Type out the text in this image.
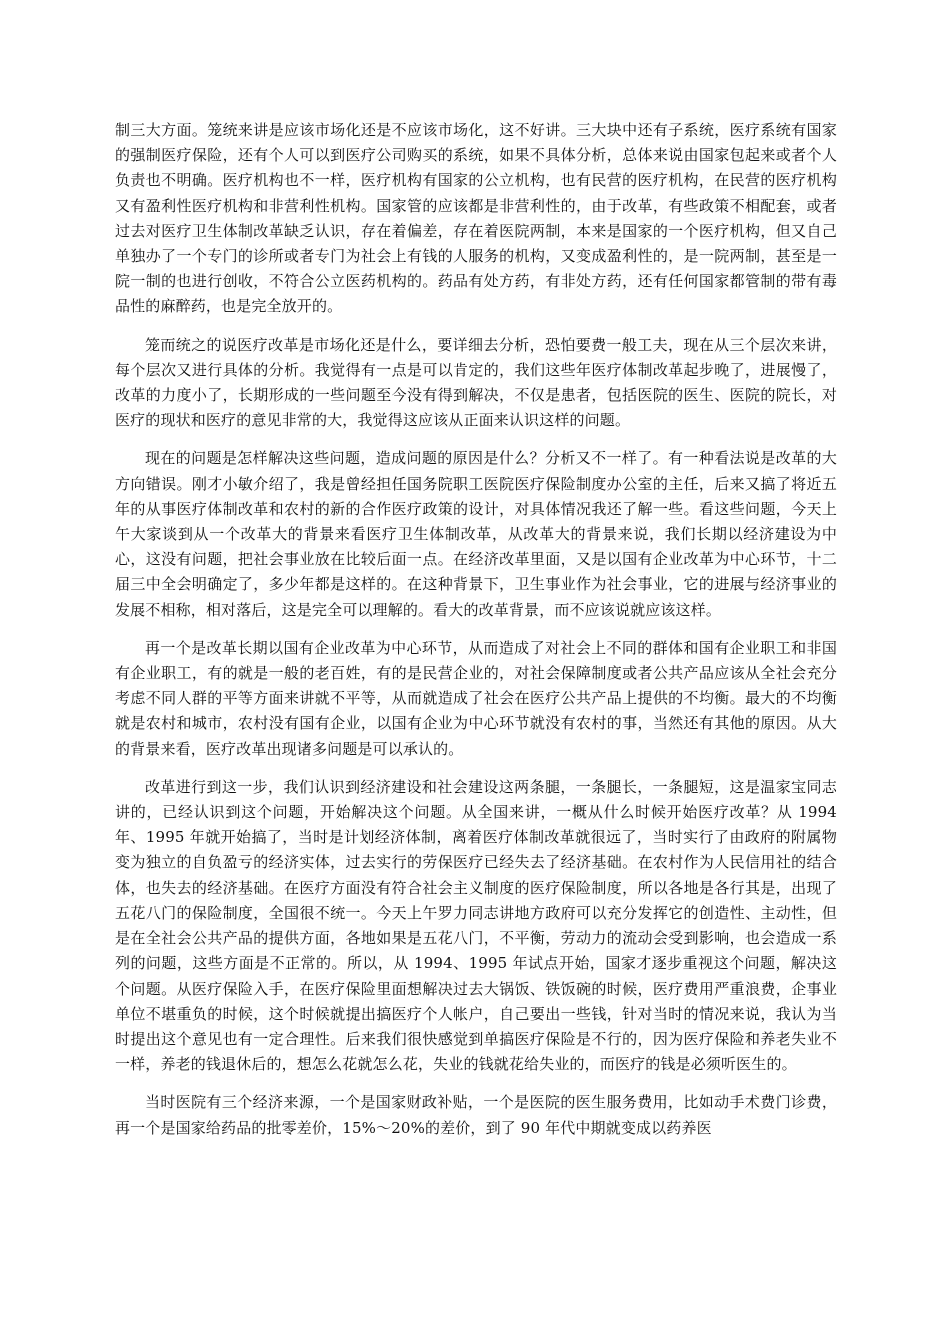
制三大方面。笼统来讲是应该市场化还是不应该市场化，这不好讲。三大块中还有子系统，医疗系统有国家的强制医疗保险，还有个人可以到医疗公司购买的系统，如果不具体分析，总体来说由国家包起来或者个人负责也不明确。医疗机构也不一样，医疗机构有国家的公立机构，也有民营的医疗机构，在民营的医疗机构又有盈利性医疗机构和非营利性机构。国家管的应该都是非营利性的，由于改革，有些政策不相配套，或者过去对医疗卫生体制改革缺乏认识，存在着偏差，存在着医院两制，本来是国家的一个医疗机构，但又自己单独办了一个专门的诊所或者专门为社会上有钱的人服务的机构，又变成盈利性的，是一院两制，甚至是一院一制的也进行创收，不符合公立医药机构的。药品有处方药，有非处方药，还有任何国家都管制的带有毒品性的麻醉药，也是完全放开的。

笼而统之的说医疗改革是市场化还是什么，要详细去分析，恐怕要费一般工夫，现在从三个层次来讲，每个层次又进行具体的分析。我觉得有一点是可以肯定的，我们这些年医疗体制改革起步晚了，进展慢了，改革的力度小了，长期形成的一些问题至今没有得到解决，不仅是患者，包括医院的医生、医院的院长，对医疗的现状和医疗的意见非常的大，我觉得这应该从正面来认识这样的问题。

现在的问题是怎样解决这些问题，造成问题的原因是什么？分析又不一样了。有一种看法说是改革的大方向错误。刚才小敏介绍了，我是曾经担任国务院职工医院医疗保险制度办公室的主任，后来又搞了将近五年的从事医疗体制改革和农村的新的合作医疗政策的设计，对具体情况我还了解一些。看这些问题，今天上午大家谈到从一个改革大的背景来看医疗卫生体制改革，从改革大的背景来说，我们长期以经济建设为中心，这没有问题，把社会事业放在比较后面一点。在经济改革里面，又是以国有企业改革为中心环节，十二届三中全会明确定了，多少年都是这样的。在这种背景下，卫生事业作为社会事业，它的进展与经济事业的发展不相称，相对落后，这是完全可以理解的。看大的改革背景，而不应该说就应该这样。

再一个是改革长期以国有企业改革为中心环节，从而造成了对社会上不同的群体和国有企业职工和非国有企业职工，有的就是一般的老百姓，有的是民营企业的，对社会保障制度或者公共产品应该从全社会充分考虑不同人群的平等方面来讲就不平等，从而就造成了社会在医疗公共产品上提供的不均衡。最大的不均衡就是农村和城市，农村没有国有企业，以国有企业为中心环节就没有农村的事，当然还有其他的原因。从大的背景来看，医疗改革出现诸多问题是可以承认的。

改革进行到这一步，我们认识到经济建设和社会建设这两条腿，一条腿长，一条腿短，这是温家宝同志讲的，已经认识到这个问题，开始解决这个问题。从全国来讲，一概从什么时候开始医疗改革？从 1994 年、1995 年就开始搞了，当时是计划经济体制，离着医疗体制改革就很远了，当时实行了由政府的附属物变为独立的自负盈亏的经济实体，过去实行的劳保医疗已经失去了经济基础。在农村作为人民信用社的结合体，也失去的经济基础。在医疗方面没有符合社会主义制度的医疗保险制度，所以各地是各行其是，出现了五花八门的保险制度，全国很不统一。今天上午罗力同志讲地方政府可以充分发挥它的创造性、主动性，但是在全社会公共产品的提供方面，各地如果是五花八门，不平衡，劳动力的流动会受到影响，也会造成一系列的问题，这些方面是不正常的。所以，从 1994、1995 年试点开始，国家才逐步重视这个问题，解决这个问题。从医疗保险入手，在医疗保险里面想解决过去大锅饭、铁饭碗的时候，医疗费用严重浪费，企事业单位不堪重负的时候，这个时候就提出搞医疗个人帐户，自己要出一些钱，针对当时的情况来说，我认为当时提出这个意见也有一定合理性。后来我们很快感觉到单搞医疗保险是不行的，因为医疗保险和养老失业不一样，养老的钱退休后的，想怎么花就怎么花，失业的钱就花给失业的，而医疗的钱是必须听医生的。

当时医院有三个经济来源，一个是国家财政补贴，一个是医院的医生服务费用，比如动手术费门诊费，再一个是国家给药品的批零差价，15%～20%的差价，到了 90 年代中期就变成以药养医
